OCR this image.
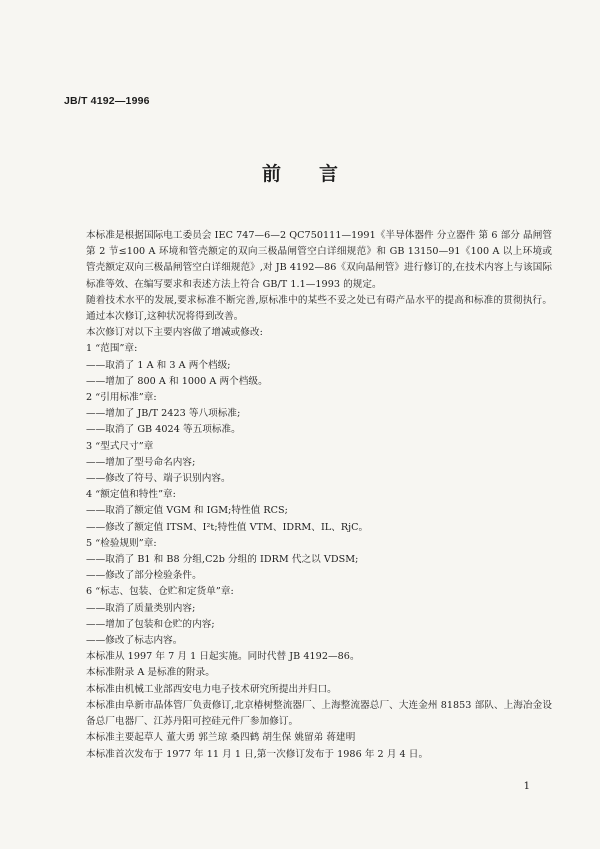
JB/T 4192—1996
前言

本标准是根据国际电工委员会 IEC 747—6—2 QC750111—1991《半导体器件 分立器件 第 6 部分 晶闸管 第 2 节≤100 A 环境和管壳额定的双向三极晶闸管空白详细规范》和 GB 13150—91《100 A 以上环境或管壳额定双向三极晶闸管空白详细规范》,对 JB 4192—86《双向晶闸管》进行修订的,在技术内容上与该国际标准等效、在编写要求和表述方法上符合 GB/T 1.1—1993 的规定。

随着技术水平的发展,要求标准不断完善,原标准中的某些不妥之处已有碍产品水平的提高和标准的贯彻执行。通过本次修订,这种状况将得到改善。

本次修订对以下主要内容做了增减或修改:

1 “范围”章:

——取消了 1 A 和 3 A 两个档级;

——增加了 800 A 和 1000 A 两个档级。

2 “引用标准”章:

——增加了 JB/T 2423 等八项标准;

——取消了 GB 4024 等五项标准。

3 “型式尺寸”章

——增加了型号命名内容;

——修改了符号、端子识别内容。

4 “额定值和特性”章:

——取消了额定值 VGM 和 IGM;特性值 RCS;

——修改了额定值 ITSM、I²t;特性值 VTM、IDRM、IL、RjC。

5 “检验规则”章:

——取消了 B1 和 B8 分组,C2b 分组的 IDRM 代之以 VDSM;

——修改了部分检验条件。

6 “标志、包装、仓贮和定货单”章:

——取消了质量类别内容;

——增加了包装和仓贮的内容;

——修改了标志内容。

本标准从 1997 年 7 月 1 日起实施。同时代替 JB 4192—86。

本标准附录 A 是标准的附录。

本标准由机械工业部西安电力电子技术研究所提出并归口。

本标准由阜新市晶体管厂负责修订,北京椿树整流器厂、上海整流器总厂、大连金州 81853 部队、上海冶金设备总厂电器厂、江苏丹阳可控硅元件厂参加修订。

本标准主要起草人 董大勇 郭兰琼 桑四鹤 胡生保 姚留弟 蒋建明

本标准首次发布于 1977 年 11 月 1 日,第一次修订发布于 1986 年 2 月 4 日。

1
